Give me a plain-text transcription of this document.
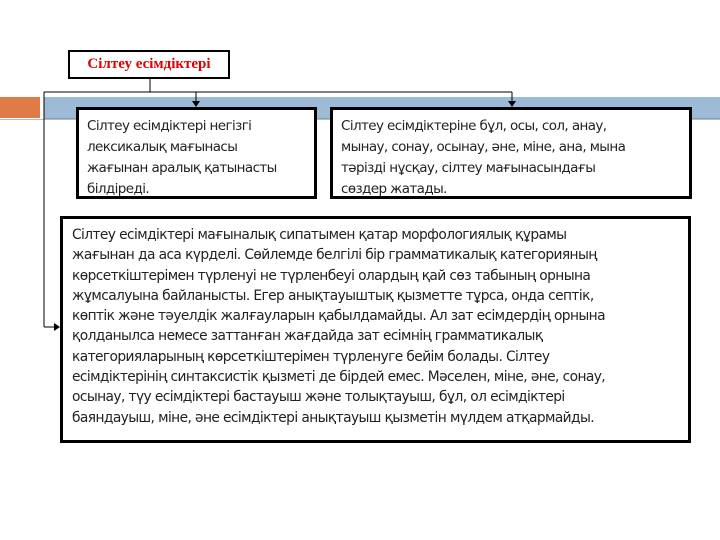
Сілтеу есімдіктері
Сілтеу есімдіктері негізгі
лексикалық мағынасы
жағынан аралық қатынасты
білдіреді.
Сілтеу есімдіктеріне бұл, осы, сол, анау,
мынау, сонау, осынау, әне, міне, ана, мына
тәрізді нұсқау, сілтеу мағынасындағы
сөздер жатады.
Сілтеу есімдіктері мағыналық сипатымен қатар морфологиялық құрамы
жағынан да аса күрделі. Сөйлемде белгілі бір грамматикалық категорияның
көрсеткіштерімен түрленуі не түрленбеуі олардың қай сөз табының орнына
жұмсалуына байланысты. Егер анықтауыштық қызметте тұрса, онда септік,
көптік және тәуелдік жалғауларын қабылдамайды. Ал зат есімдердің орнына
қолданылса немесе заттанған жағдайда зат есімнің грамматикалық
категорияларының көрсеткіштерімен түрленуге бейім болады. Сілтеу
есімдіктерінің синтаксистік қызметі де бірдей емес. Мәселен, міне, әне, сонау,
осынау, түу есімдіктері бастауыш және толықтауыш, бұл, ол есімдіктері
баяндауыш, міне, әне есімдіктері анықтауыш қызметін мүлдем атқармайды.
